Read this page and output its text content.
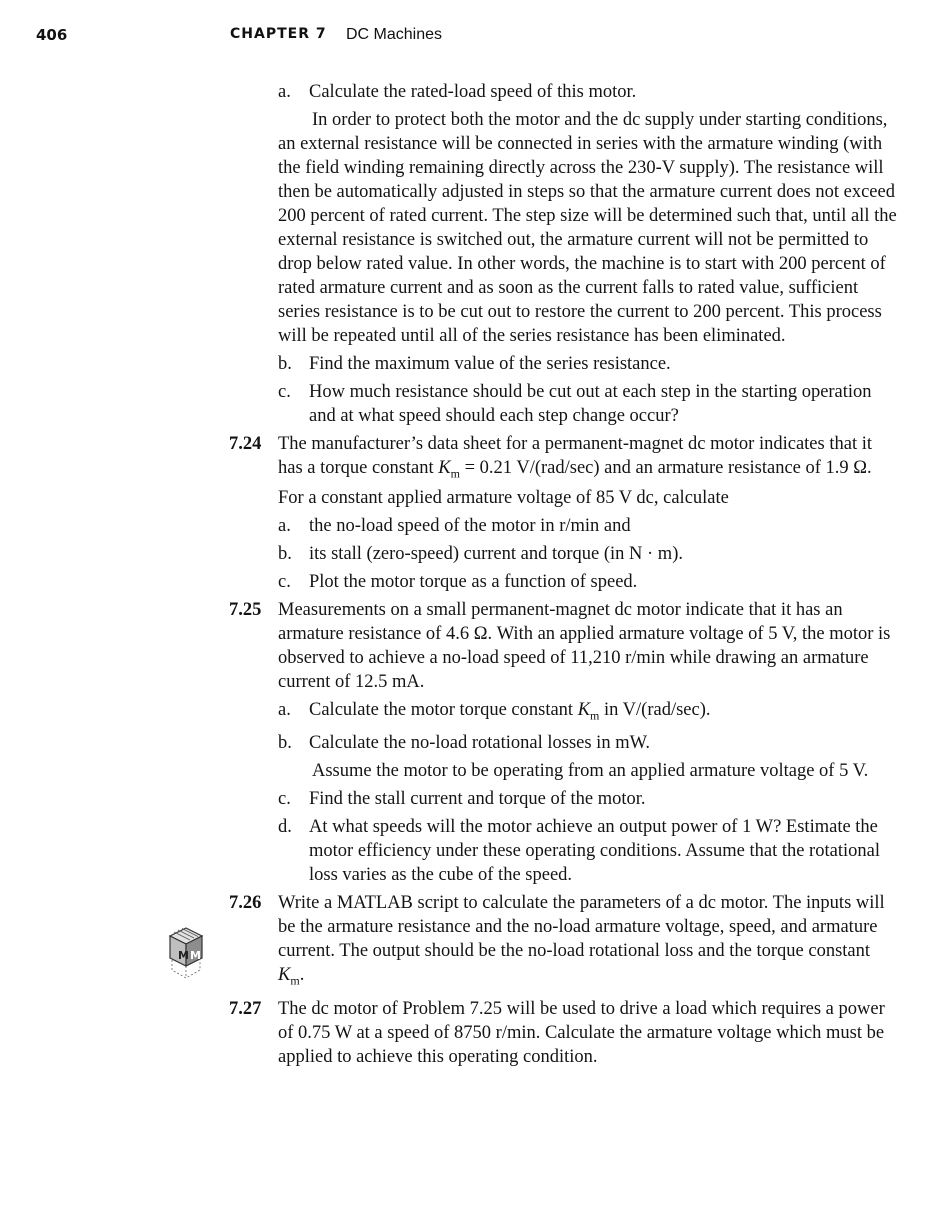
406	CHAPTER 7 DC Machines

a. Calculate the rated-load speed of this motor.

In order to protect both the motor and the dc supply under starting conditions, an external resistance will be connected in series with the armature winding (with the field winding remaining directly across the 230-V supply). The resistance will then be automatically adjusted in steps so that the armature current does not exceed 200 percent of rated current. The step size will be determined such that, until all the external resistance is switched out, the armature current will not be permitted to drop below rated value. In other words, the machine is to start with 200 percent of rated armature current and as soon as the current falls to rated value, sufficient series resistance is to be cut out to restore the current to 200 percent. This process will be repeated until all of the series resistance has been eliminated.

b. Find the maximum value of the series resistance.

c. How much resistance should be cut out at each step in the starting operation and at what speed should each step change occur?

7.24 The manufacturer’s data sheet for a permanent-magnet dc motor indicates that it has a torque constant $K_m = 0.21$ V/(rad/sec) and an armature resistance of 1.9 Ω. For a constant applied armature voltage of 85 V dc, calculate

a. the no-load speed of the motor in r/min and

b. its stall (zero-speed) current and torque (in N · m).

c. Plot the motor torque as a function of speed.

7.25 Measurements on a small permanent-magnet dc motor indicate that it has an armature resistance of 4.6 Ω. With an applied armature voltage of 5 V, the motor is observed to achieve a no-load speed of 11,210 r/min while drawing an armature current of 12.5 mA.

a. Calculate the motor torque constant $K_m$ in V/(rad/sec).

b. Calculate the no-load rotational losses in mW.

Assume the motor to be operating from an applied armature voltage of 5 V.

c. Find the stall current and torque of the motor.

d. At what speeds will the motor achieve an output power of 1 W? Estimate the motor efficiency under these operating conditions. Assume that the rotational loss varies as the cube of the speed.

7.26 Write a MATLAB script to calculate the parameters of a dc motor. The inputs will be the armature resistance and the no-load armature voltage, speed, and armature current. The output should be the no-load rotational loss and the torque constant $K_m$.

7.27 The dc motor of Problem 7.25 will be used to drive a load which requires a power of 0.75 W at a speed of 8750 r/min. Calculate the armature voltage which must be applied to achieve this operating condition.

M M
